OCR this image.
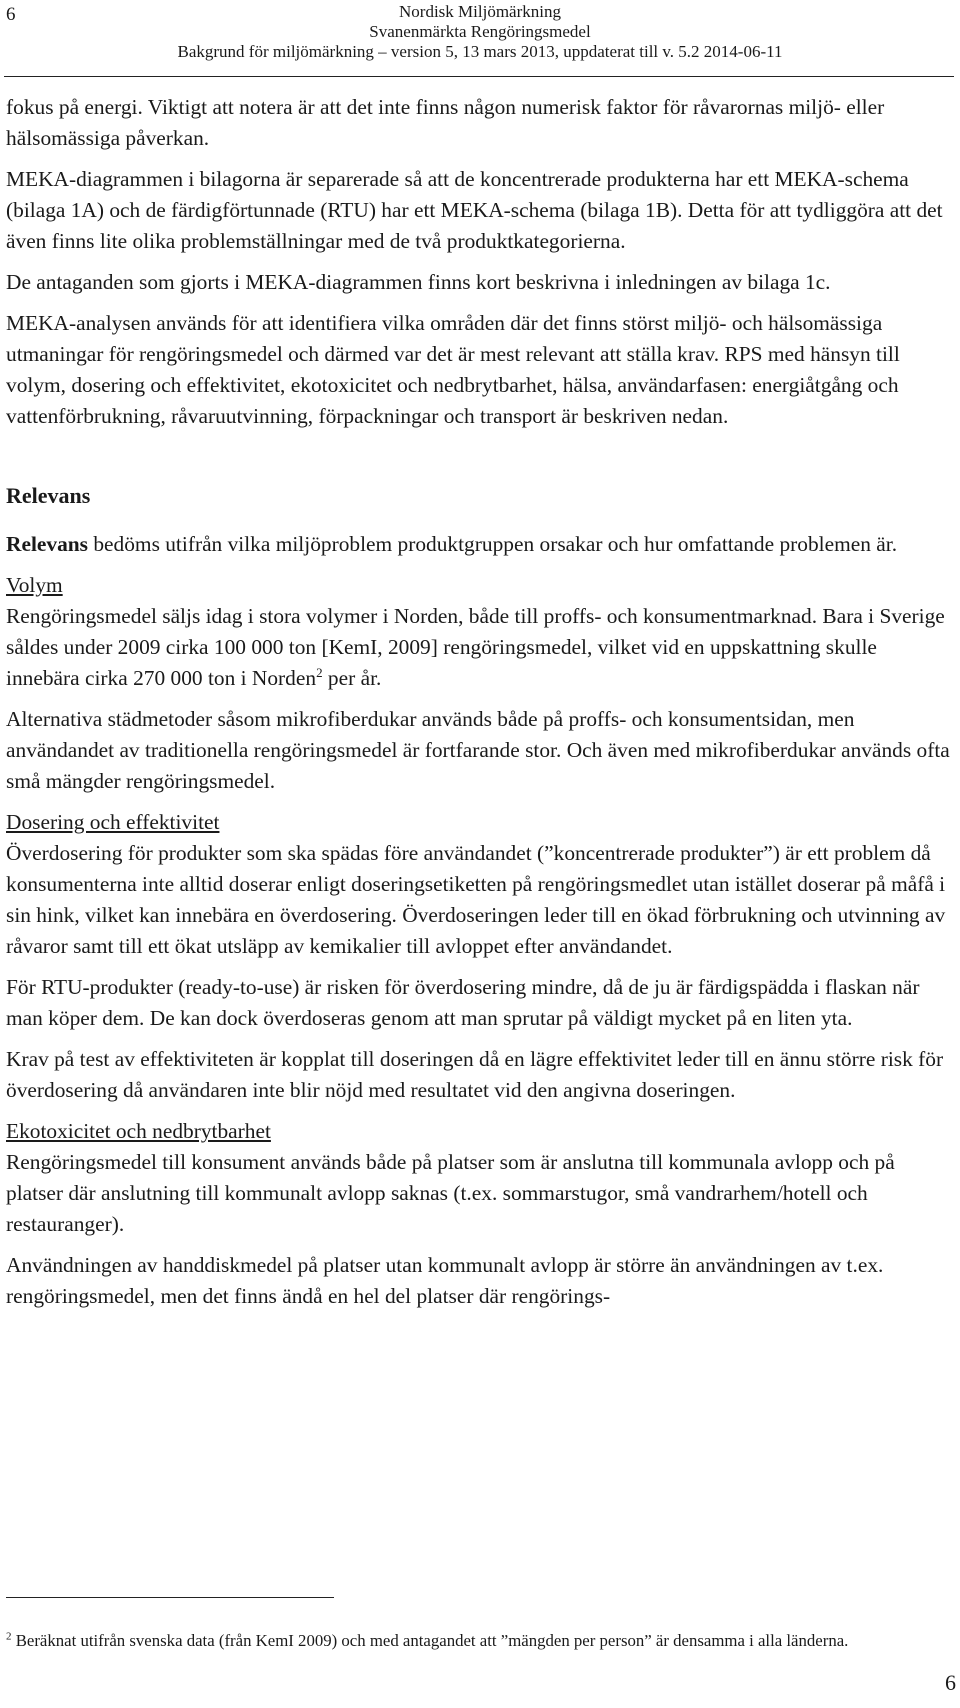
6	Nordisk Miljömärkning
Svanenmärkta Rengöringsmedel
Bakgrund för miljömärkning – version 5, 13 mars 2013, uppdaterat till v. 5.2 2014-06-11

fokus på energi. Viktigt att notera är att det inte finns någon numerisk faktor för råvarornas miljö- eller hälsomässiga påverkan.

MEKA-diagrammen i bilagorna är separerade så att de koncentrerade produkterna har ett MEKA-schema (bilaga 1A) och de färdigförtunnade (RTU) har ett MEKA-schema (bilaga 1B). Detta för att tydliggöra att det även finns lite olika problemställningar med de två produktkategorierna.

De antaganden som gjorts i MEKA-diagrammen finns kort beskrivna i inledningen av bilaga 1c.

MEKA-analysen används för att identifiera vilka områden där det finns störst miljö- och hälsomässiga utmaningar för rengöringsmedel och därmed var det är mest relevant att ställa krav. RPS med hänsyn till volym, dosering och effektivitet, ekotoxicitet och nedbrytbarhet, hälsa, användarfasen: energiåtgång och vattenförbrukning, råvaruutvinning, förpackningar och transport är beskriven nedan.

Relevans

Relevans bedöms utifrån vilka miljöproblem produktgruppen orsakar och hur omfattande problemen är.

Volym

Rengöringsmedel säljs idag i stora volymer i Norden, både till proffs- och konsumentmarknad. Bara i Sverige såldes under 2009 cirka 100 000 ton [KemI, 2009] rengöringsmedel, vilket vid en uppskattning skulle innebära cirka 270 000 ton i Norden$^2$ per år.

Alternativa städmetoder såsom mikrofiberdukar används både på proffs- och konsumentsidan, men användandet av traditionella rengöringsmedel är fortfarande stor. Och även med mikrofiberdukar används ofta små mängder rengöringsmedel.

Dosering och effektivitet

Överdosering för produkter som ska spädas före användandet (”koncentrerade produkter”) är ett problem då konsumenterna inte alltid doserar enligt doseringsetiketten på rengöringsmedlet utan istället doserar på måfå i sin hink, vilket kan innebära en överdosering. Överdoseringen leder till en ökad förbrukning och utvinning av råvaror samt till ett ökat utsläpp av kemikalier till avloppet efter användandet.

För RTU-produkter (ready-to-use) är risken för överdosering mindre, då de ju är färdigspädda i flaskan när man köper dem. De kan dock överdoseras genom att man sprutar på väldigt mycket på en liten yta.

Krav på test av effektiviteten är kopplat till doseringen då en lägre effektivitet leder till en ännu större risk för överdosering då användaren inte blir nöjd med resultatet vid den angivna doseringen.

Ekotoxicitet och nedbrytbarhet

Rengöringsmedel till konsument används både på platser som är anslutna till kommunala avlopp och på platser där anslutning till kommunalt avlopp saknas (t.ex. sommarstugor, små vandrarhem/hotell och restauranger).

Användningen av handdiskmedel på platser utan kommunalt avlopp är större än användningen av t.ex. rengöringsmedel, men det finns ändå en hel del platser där rengörings-

$^2$ Beräknat utifrån svenska data (från KemI 2009) och med antagandet att ”mängden per person” är densamma i alla länderna.
6
